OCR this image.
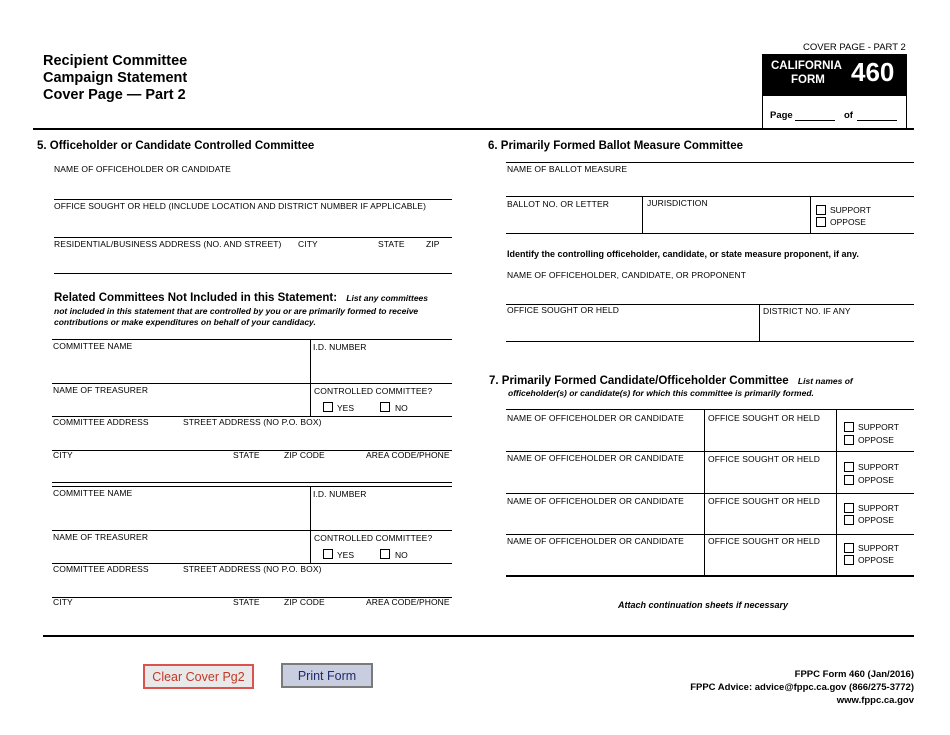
Recipient Committee
Campaign Statement
Cover Page — Part 2
COVER PAGE - PART 2
CALIFORNIA
FORM 460
Page	of
5. Officeholder or Candidate Controlled Committee
NAME OF OFFICEHOLDER OR CANDIDATE
OFFICE SOUGHT OR HELD (INCLUDE LOCATION AND DISTRICT NUMBER IF APPLICABLE)
RESIDENTIAL/BUSINESS ADDRESS (NO. AND STREET) CITY	STATE	ZIP
Related Committees Not Included in this Statement: List any committees
not included in this statement that are controlled by you or are primarily formed to receive
contributions or make expenditures on behalf of your candidacy.
COMMITTEE NAME	I.D. NUMBER
NAME OF TREASURER	CONTROLLED COMMITTEE?
YES	NO
COMMITTEE ADDRESS	STREET ADDRESS (NO P.O. BOX)
CITY	STATE	ZIP CODE	AREA CODE/PHONE
COMMITTEE NAME	I.D. NUMBER
NAME OF TREASURER	CONTROLLED COMMITTEE?
YES	NO
COMMITTEE ADDRESS	STREET ADDRESS (NO P.O. BOX)
CITY	STATE	ZIP CODE	AREA CODE/PHONE
6. Primarily Formed Ballot Measure Committee
NAME OF BALLOT MEASURE
BALLOT NO. OR LETTER	JURISDICTION
SUPPORT
OPPOSE
Identify the controlling officeholder, candidate, or state measure proponent, if any.
NAME OF OFFICEHOLDER, CANDIDATE, OR PROPONENT
OFFICE SOUGHT OR HELD	DISTRICT NO. IF ANY
7. Primarily Formed Candidate/Officeholder Committee List names of
officeholder(s) or candidate(s) for which this committee is primarily formed.
NAME OF OFFICEHOLDER OR CANDIDATE	OFFICE SOUGHT OR HELD
SUPPORT
OPPOSE
NAME OF OFFICEHOLDER OR CANDIDATE	OFFICE SOUGHT OR HELD
SUPPORT
OPPOSE
NAME OF OFFICEHOLDER OR CANDIDATE	OFFICE SOUGHT OR HELD
SUPPORT
OPPOSE
NAME OF OFFICEHOLDER OR CANDIDATE	OFFICE SOUGHT OR HELD
SUPPORT
OPPOSE
Attach continuation sheets if necessary
Clear Cover Pg2	Print Form	FPPC Form 460 (Jan/2016)
FPPC Advice: advice@fppc.ca.gov (866/275-3772)
www.fppc.ca.gov
